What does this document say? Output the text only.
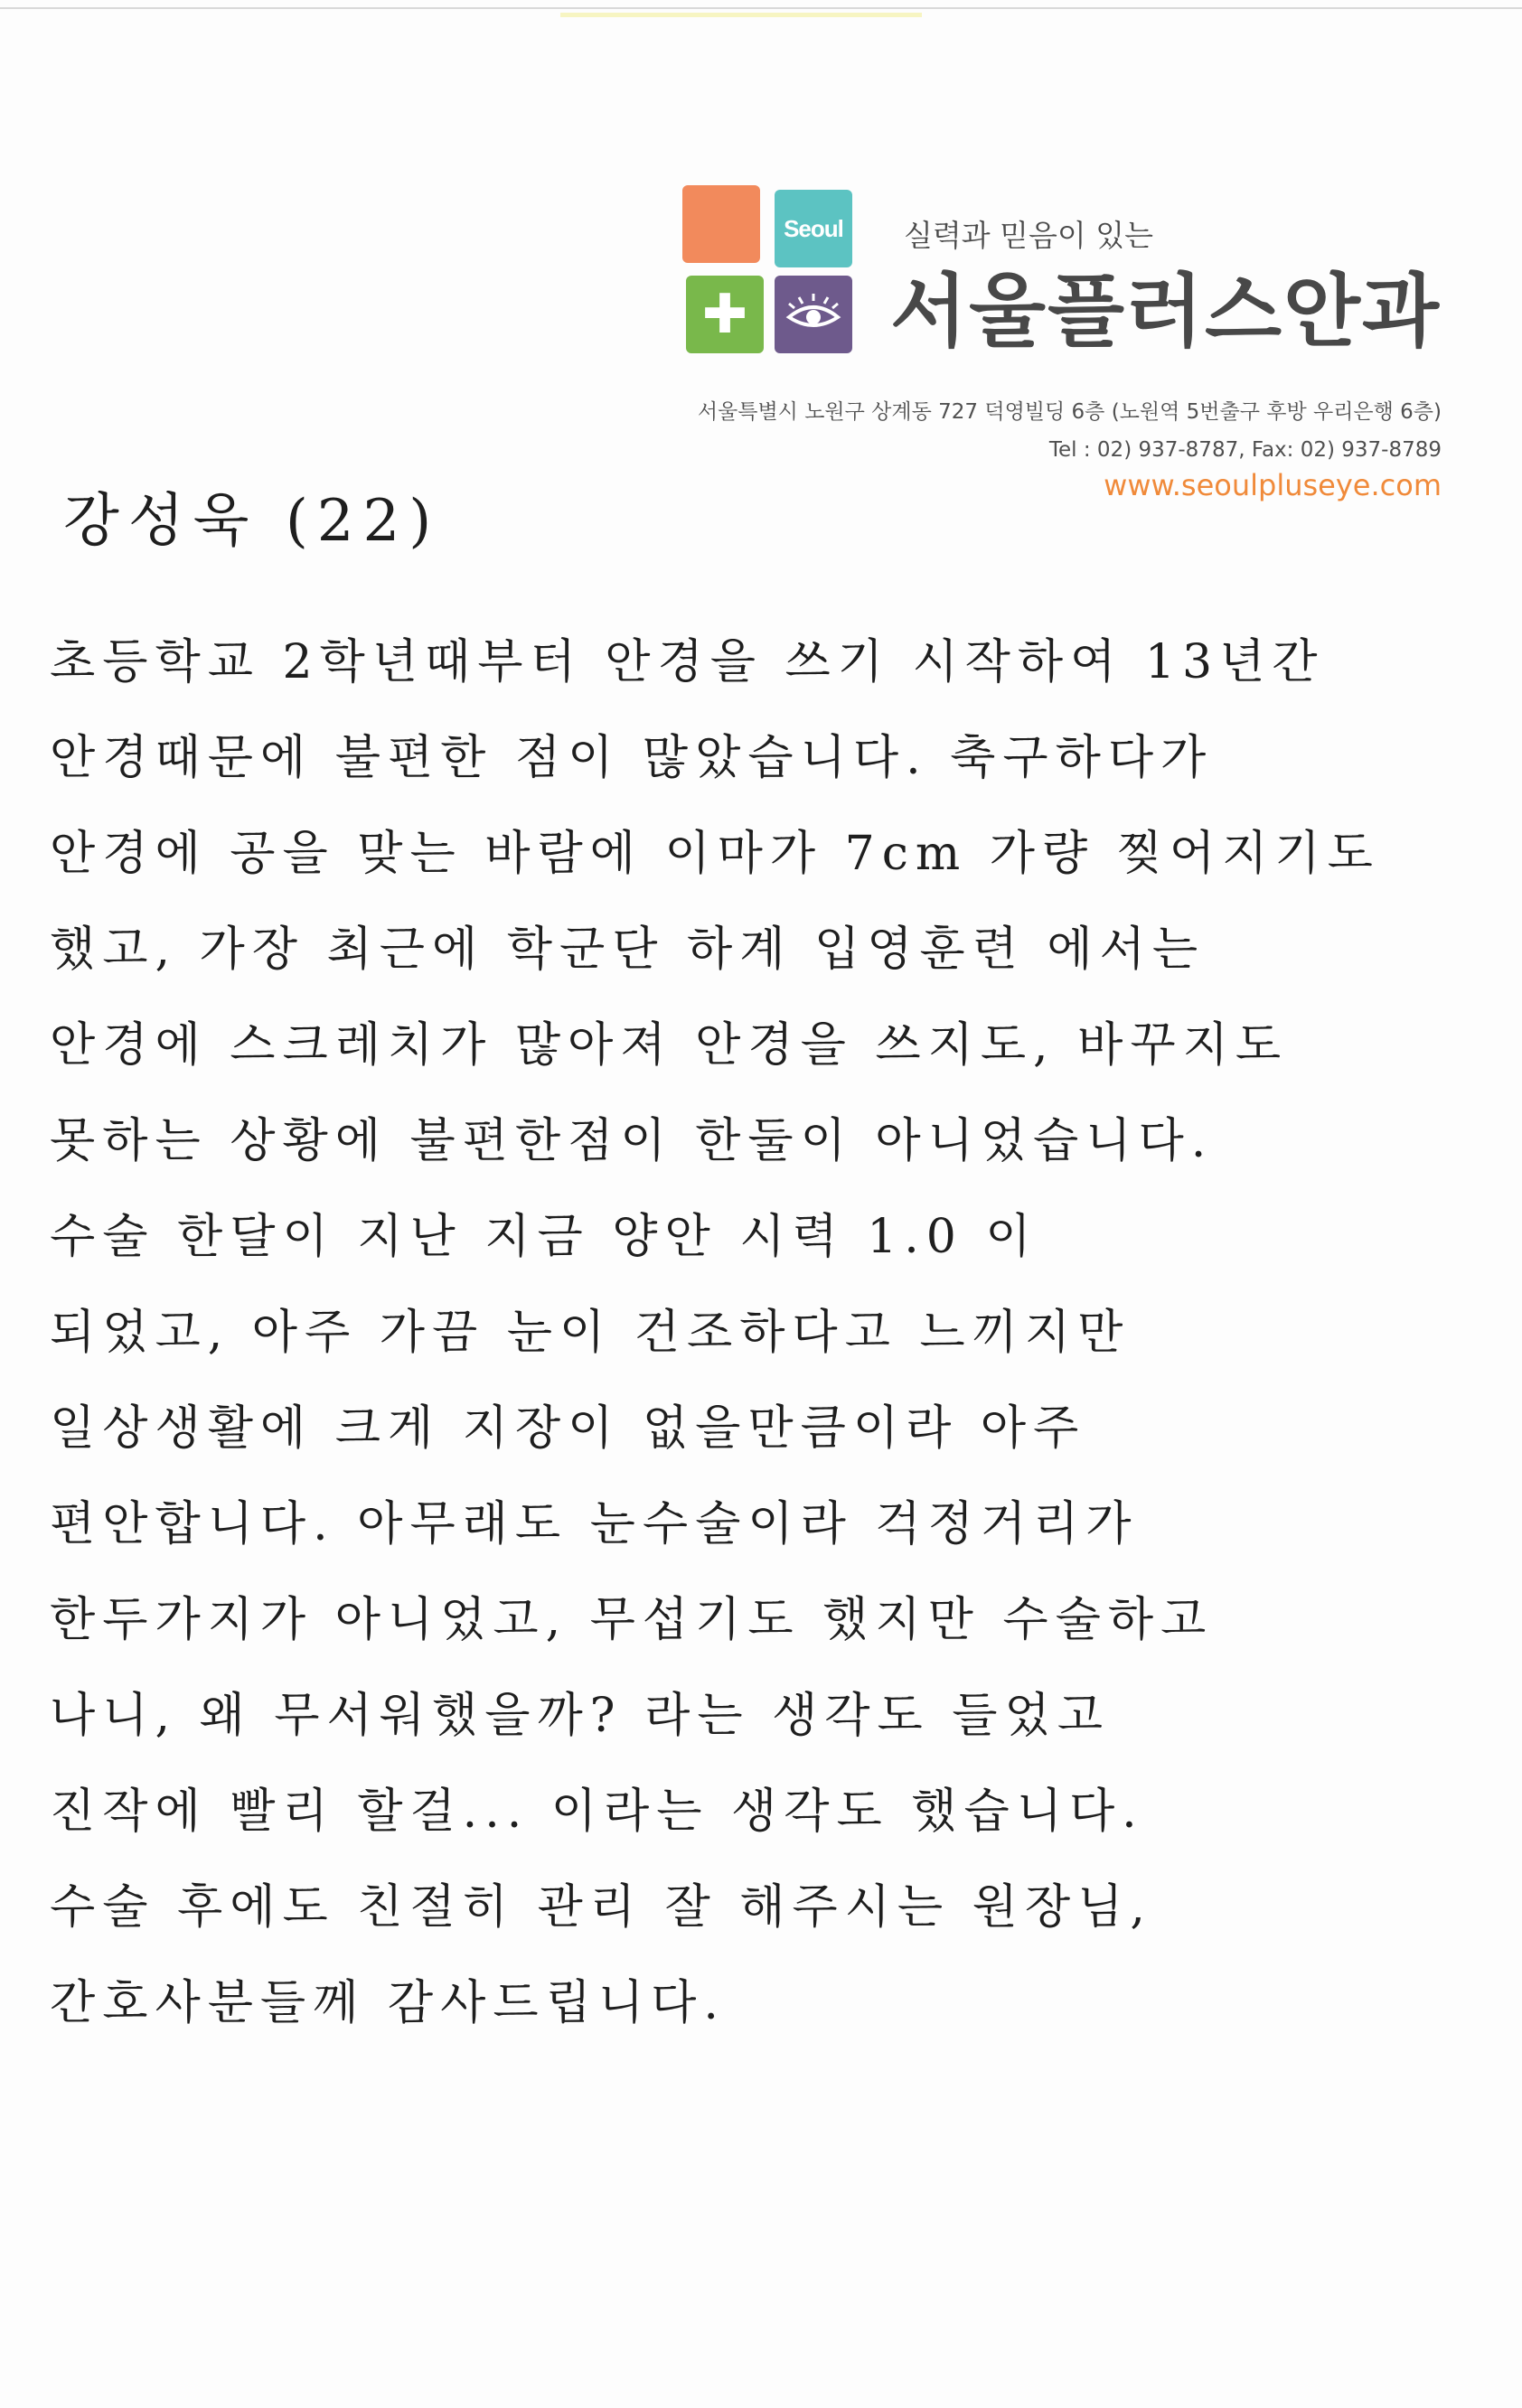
Seoul
✚
실력과 믿음이 있는
서울플러스안과
서울특별시 노원구 상계동 727 덕영빌딩 6층 (노원역 5번출구 후방 우리은행 6층)
Tel : 02) 937-8787, Fax: 02) 937-8789
www.seoulpluseye.com
강성욱 (22)
초등학교 2학년때부터 안경을 쓰기 시작하여 13년간
안경때문에 불편한 점이 많았습니다. 축구하다가
안경에 공을 맞는 바람에 이마가 7cm 가량 찢어지기도
했고, 가장 최근에 학군단 하계 입영훈련 에서는
안경에 스크레치가 많아져 안경을 쓰지도, 바꾸지도
못하는 상황에 불편한점이 한둘이 아니었습니다.
수술 한달이 지난 지금 양안 시력 1.0 이
되었고, 아주 가끔 눈이 건조하다고 느끼지만
일상생활에 크게 지장이 없을만큼이라 아주
편안합니다. 아무래도 눈수술이라 걱정거리가
한두가지가 아니었고, 무섭기도 했지만 수술하고
나니, 왜 무서워했을까? 라는 생각도 들었고
진작에 빨리 할걸... 이라는 생각도 했습니다.
수술 후에도 친절히 관리 잘 해주시는 원장님,
간호사분들께 감사드립니다.
